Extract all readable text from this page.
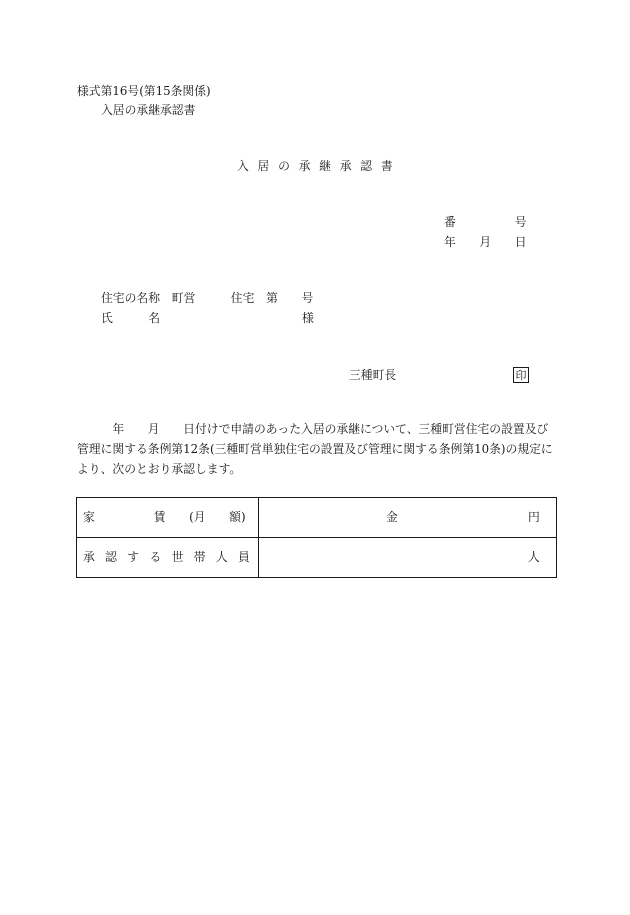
様式第16号(第15条関係)
入居の承継承認書
入 居 の 承 継 承 認 書
番　　　　　号
年　　月　　日
住宅の名称　町営　　　住宅　第　　号
氏　　　名	様
三種町長	印
　　　年　　月　　日付けで申請のあった入居の承継について、三種町営住宅の設置及び
管理に関する条例第12条(三種町営単独住宅の設置及び管理に関する条例第10条)の規定に
より、次のとおり承認します。
家　　　　　賃　　(月　　額)	金	円
承 認 す る 世 帯 人 員	人
